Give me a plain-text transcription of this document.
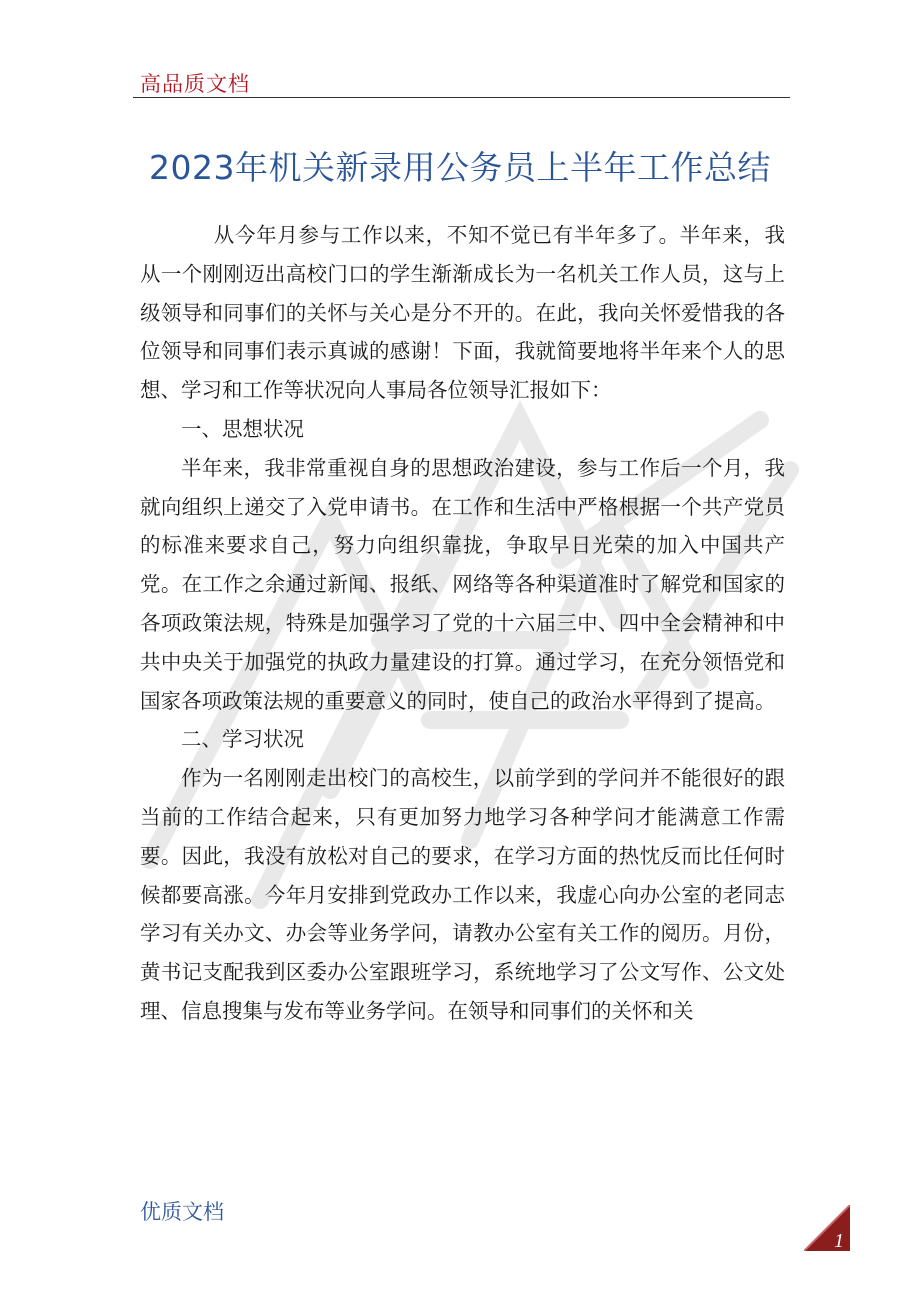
高品质文档
2023年机关新录用公务员上半年工作总结

从今年月参与工作以来，不知不觉已有半年多了。半年来，我从一个刚刚迈出高校门口的学生渐渐成长为一名机关工作人员，这与上级领导和同事们的关怀与关心是分不开的。在此，我向关怀爱惜我的各位领导和同事们表示真诚的感谢！下面，我就简要地将半年来个人的思想、学习和工作等状况向人事局各位领导汇报如下：

一、思想状况

半年来，我非常重视自身的思想政治建设，参与工作后一个月，我就向组织上递交了入党申请书。在工作和生活中严格根据一个共产党员的标准来要求自己，努力向组织靠拢，争取早日光荣的加入中国共产党。在工作之余通过新闻、报纸、网络等各种渠道准时了解党和国家的各项政策法规，特殊是加强学习了党的十六届三中、四中全会精神和中共中央关于加强党的执政力量建设的打算。通过学习，在充分领悟党和国家各项政策法规的重要意义的同时，使自己的政治水平得到了提高。

二、学习状况

作为一名刚刚走出校门的高校生，以前学到的学问并不能很好的跟当前的工作结合起来，只有更加努力地学习各种学问才能满意工作需要。因此，我没有放松对自己的要求，在学习方面的热忱反而比任何时候都要高涨。今年月安排到党政办工作以来，我虚心向办公室的老同志学习有关办文、办会等业务学问，请教办公室有关工作的阅历。月份，黄书记支配我到区委办公室跟班学习，系统地学习了公文写作、公文处理、信息搜集与发布等业务学问。在领导和同事们的关怀和关

优质文档
1
